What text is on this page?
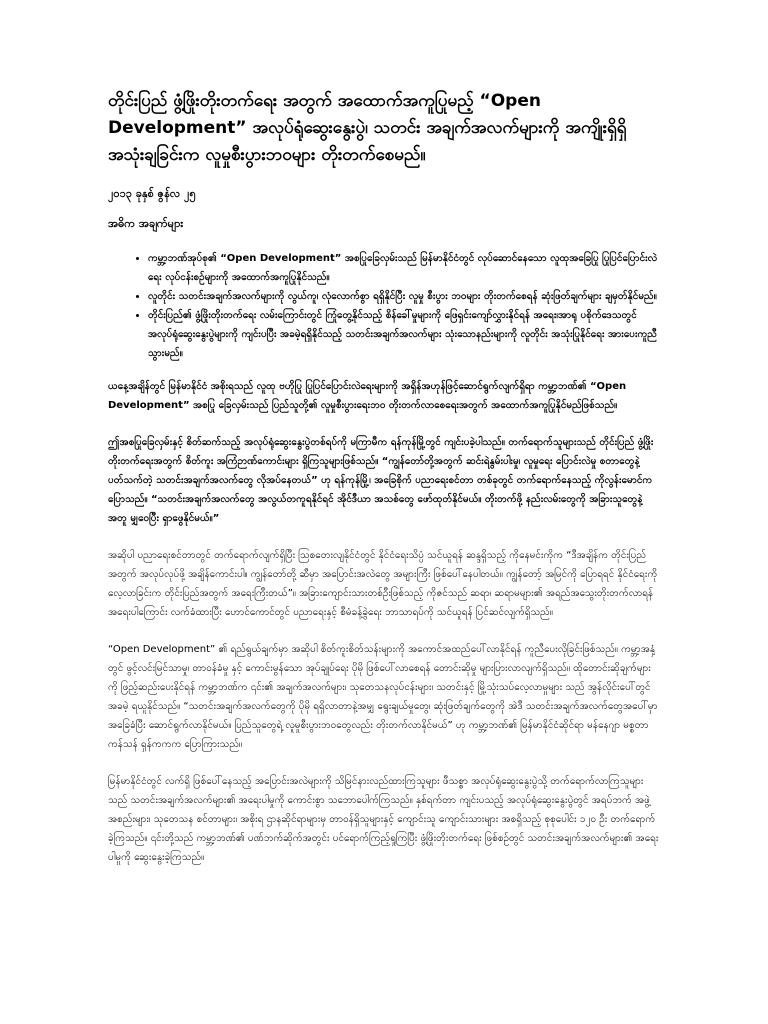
တိုင်းပြည် ဖွံ့ဖြိုးတိုးတက်ရေး အတွက် အထောက်အကူပြုမည့် “Open Development” အလုပ်ရုံဆွေးနွေးပွဲ၊ သတင်း အချက်အလက်များကို အကျိုးရှိရှိ အသုံးချခြင်းက လူမှုစီးပွားဘဝများ တိုးတက်စေမည်။
၂၀၁၃ ခုနှစ် ဇွန်လ ၂၅
အဓိက အချက်များ
• ကမ္ဘာ့ဘဏ်အုပ်စု၏ “Open Development” အစပြုခြေလှမ်းသည် မြန်မာနိုင်ငံတွင် လုပ်ဆောင်နေသော လူထုအခြေပြု ပြုပြင်ပြောင်းလဲရေး လုပ်ငန်းစဉ်များကို အထောက်အကူပြုနိုင်သည်။
• လူတိုင်း သတင်းအချက်အလက်များကို လွယ်ကူ၊ လုံလောက်စွာ ရရှိနိုင်ပြီး လူမှု စီးပွား ဘဝများ တိုးတက်စေရန် ဆုံးဖြတ်ချက်များ ချမှတ်နိုင်မည်။
• တိုင်းပြည်၏ ဖွံ့ဖြိုးတိုးတက်ရေး လမ်းကြောင်းတွင် ကြုံတွေ့နိုင်သည့် စိန်ခေါ်မှုများကို ဖြေရှင်းကျော်လွှားနိုင်ရန် အရေး၊အာရု ပစိုက်ဒေသတွင် အလုပ်ရုံဆွေးနွေးပွဲများကို ကျင်းပပြီး အခမဲ့ရရှိနိုင်သည့် သတင်းအချက်အလက်များ သုံးသောနည်းများကို လူတိုင်း အသုံးပြုနိုင်ရေး အားပေးကူညီသွားမည်။

ယနေ့အချိန်တွင် မြန်မာနိုင်ငံ အစိုးရသည် လူထု ဗဟိုပြု ပြုပြင်ပြောင်းလဲရေးများကို အရှိန်အဟုန်ဖြင့်ဆောင်ရွက်လျက်ရှိရာ ကမ္ဘာ့ဘဏ်၏ “Open Development” အစပြု ခြေလှမ်းသည် ပြည်သူတို့၏ လူမှုစီးပွားရေးဘဝ တိုးတက်လာစေရေးအတွက် အထောက်အကူပြုနိုင်မည်ဖြစ်သည်။

ဤအစပြုခြေလှမ်းနှင့် စိတ်ဆက်သည့် အလုပ်ရုံဆွေးနွေးပွဲတစ်ရပ်ကို မကြာမီက ရန်ကုန်မြို့တွင် ကျင်းပခဲ့ပါသည်။ တက်ရောက်သူများသည် တိုင်းပြည် ဖွံ့ဖြိုးတိုးတက်ရေးအတွက် စိတ်ကူး အကြံဉာဏ်ကောင်းများ ရှိကြသူများဖြစ်သည်။ “ကျွန်တော်တို့အတွက် ဆင်းရဲနွမ်းပါးမှု၊ လူမှုရေး ပြောင်းလဲမှု စတာတွေနဲ့ ပတ်သက်တဲ့ သတင်းအချက်အလက်တွေ လိုအပ်နေတယ်” ဟု ရန်ကုန်မြို့၊ အခြေစိုက် ပညာရေးစင်တာ တစ်ခုတွင် တက်ရောက်နေသည့် ကိုလွန်းမောင်က ပြောသည်။ “သတင်းအချက်အလက်တွေ အလွယ်တကူရနိုင်ရင် အိုင်ဒီယာ အသစ်တွေ ဖော်ထုတ်နိုင်မယ်။ တိုးတက်ဖို့ နည်းလမ်းတွေကို အခြားသူတွေနဲ့အတူ မျှဝေပြီး ရှာဖွေနိုင်မယ်။”

အဆိုပါ ပညာရေးစင်တာတွင် တက်ရောက်လျက်ရှိပြီး သြစတေးလျနိုင်ငံတွင် နိုင်ငံရေးသိပ္ပံ သင်ယူရန် ဆန္ဒရှိသည့် ကိုနေမင်းကိုက “ဒီအချိန်က တိုင်းပြည်အတွက် အလုပ်လုပ်ဖို့ အချိန်ကောင်းပါ။ ကျွန်တော်တို့ ဆီမှာ အပြောင်းအလဲတွေ အများကြီး ဖြစ်ပေါ်နေပါတယ်။ ကျွန်တော့် အမြင်ကို ပြောရရင် နိုင်ငံရေးကို လေ့လာခြင်းက တိုင်းပြည်အတွက် အရေးကြီးတယ်”။ အခြားကျောင်းသားတစ်ဦးဖြစ်သည့် ကိုဇင်သည် ဆရာ၊ ဆရာမများ၏ အရည်အသွေးတိုးတက်လာရန် အရေးပါကြောင်း လက်ခံထားပြီး ဟောင်ကောင်တွင် ပညာရေးနှင့် စီမံခန့်ခွဲရေး ဘာသာရပ်ကို သင်ယူရန် ပြင်ဆင်လျက်ရှိသည်။

“Open Development” ၏ ရည်ရွယ်ချက်မှာ အဆိုပါ စိတ်ကူးစိတ်သန်းများကို အကောင်အထည်ပေါ်လာနိုင်ရန် ကူညီပေးလိုခြင်းဖြစ်သည်။ ကမ္ဘာ့အနှံ့တွင် ဖွင့်လင်းမြင်သာမှု၊ တာဝန်ခံမှု နှင့် ကောင်းမွန်သော အုပ်ချုပ်ရေး ပိုမို ဖြစ်ပေါ်လာစေရန် တောင်းဆိုမှု များပြားလာလျက်ရှိသည်။ ထိုတောင်းဆိုချက်များကို ဖြည့်ဆည်းပေးနိုင်ရန် ကမ္ဘာ့ဘဏ်က ၎င်း၏ အချက်အလက်များ၊ သုတေသနလုပ်ငန်းများ၊ သတင်းနှင့် မြို့သုံးသပ်လေ့လာမှုများ သည် အွန်လိုင်းပေါ်တွင် အခမဲ့ ရယူနိုင်သည်။ “သတင်းအချက်အလက်တွေကို ပိုမို ရရှိလာတာနဲ့အမျှ ရွေးချယ်မှုတွေ၊ ဆုံးဖြတ်ချက်တွေကို အဲဒီ သတင်းအချက်အလက်တွေအပေါ်မှာ အခြေခံပြီး ဆောင်ရွက်လာနိုင်မယ်။ ပြည်သူတွေရဲ့ လူမှုစီးပွားဘဝတွေလည်း တိုးတက်လာနိုင်မယ်” ဟု ကမ္ဘာ့ဘဏ်၏ မြန်မာနိုင်ငံဆိုင်ရာ မန်နေဂျာ မစ္စတာ ကန်သန် ရှန်ကကက ပြောကြားသည်။

မြန်မာနိုင်ငံတွင် လက်ရှိ ဖြစ်ပေါ်နေသည့် အပြောင်းအလဲများကို သိမြင်နားလည်ထားကြသူများ ဖီသစ္စာ အလုပ်ရုံဆွေးနွေးပွဲသို့ တက်ရောက်လာကြသူများသည် သတင်းအချက်အလက်များ၏ အရေးပါမှုကို ကောင်းစွာ သဘောပေါက်ကြသည်။ နှစ်ရက်တာ ကျင်းပသည့် အလုပ်ရုံဆွေးနွေးပွဲတွင် အရပ်ဘက် အဖွဲ့အစည်းများ၊ သုတေသန စင်တာများ၊ အစိုးရ ဌာနဆိုင်ရာများမှ တာဝန်ရှိသူများနှင့် ကျောင်းသူ ကျောင်းသားများ အစရှိသည့် စုစုပေါင်း ၁၂၀ ဦး တက်ရောက်ခဲ့ကြသည်။ ၎င်းတို့သည် ကမ္ဘာ့ဘဏ်၏ ပဏ်ဘက်ဆိုက်အတွင်း ပင်ရောက်ကြည့်ရှုကြပြီး ဖွံ့ဖြိုးတိုးတက်ရေး ဖြစ်စဉ်တွင် သတင်းအချက်အလက်များ၏ အရေးပါမှုကို ဆွေးနွေးခဲ့ကြသည်။
